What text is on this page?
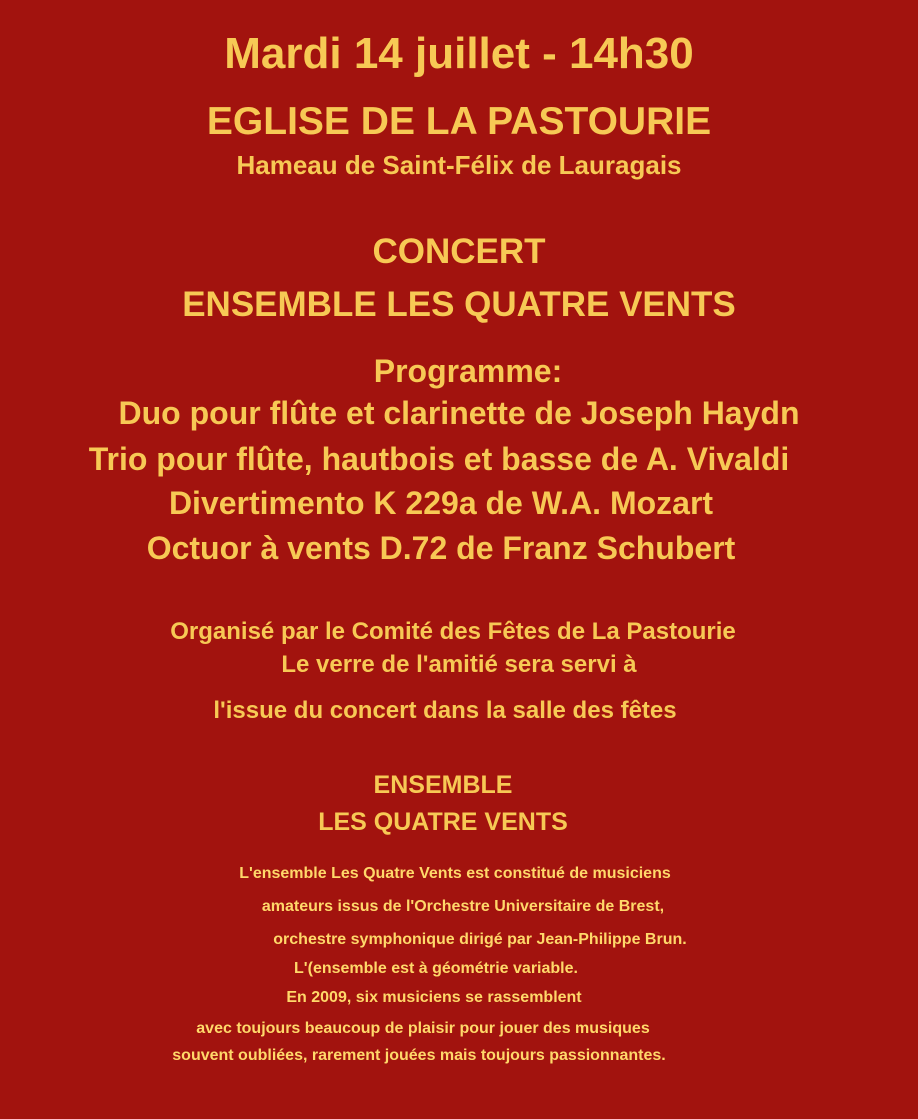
Mardi 14 juillet - 14h30
EGLISE DE LA PASTOURIE
Hameau de Saint-Félix de Lauragais
CONCERT
ENSEMBLE LES QUATRE VENTS
Programme:
Duo pour flûte et clarinette de Joseph Haydn
Trio pour flûte, hautbois et basse de A. Vivaldi
Divertimento K 229a de W.A. Mozart
Octuor à vents D.72 de Franz Schubert
Organisé par le Comité des Fêtes de La Pastourie
Le verre de l'amitié sera servi à
l'issue du concert dans la salle des fêtes
ENSEMBLE
LES QUATRE VENTS
L'ensemble Les Quatre Vents est constitué de musiciens
amateurs issus de l'Orchestre Universitaire de Brest,
orchestre symphonique dirigé par Jean-Philippe Brun.
L'(ensemble est à géométrie variable.
En 2009, six musiciens se rassemblent
avec toujours beaucoup de plaisir pour jouer des musiques
souvent oubliées, rarement jouées mais toujours passionnantes.
